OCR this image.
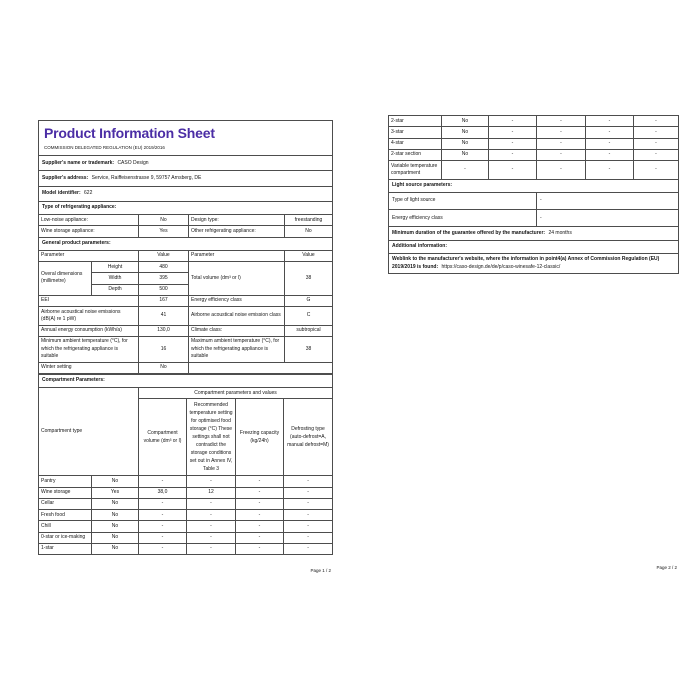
Product Information Sheet
COMMISSION DELEGATED REGULATION (EU) 2019/2016				

Supplier's name or trademark: CASO Design				
Supplier's address: Service, Raiffeisenstrasse 9, 59757 Arnsberg, DE				
Model identifier: 622				
Type of refrigerating appliance:				
Low-noise appliance:		No	Design type:	freestanding
Wine storage appliance:		Yes	Other refrigerating appliance:	No
General product parameters:				
Parameter		Value	Parameter	Value
Overal dimensions (millimetre)	Height	480	Total volume (dm³ or l)	38
	Width	395		
	Depth	500		
EEI		167	Energy efficiency class	G
Airborne acoustical noise emissions (dB(A) re 1 pW)		41	Airborne acoustical noise emission class	C
Annual energy consumption (kWh/a)		130,0	Climate class:	subtropical
Minimum ambient temperature (°C), for which the refrigerating appliance is suitable		16	Maximum ambient temperature (°C), for which the refrigerating appliance is suitable	38
Winter setting		No		
Compartment Parameters:					
Compartment type		Compartment parameters and values			
		Compartment volume (dm³ or l)	Recommended temperature setting for optimised food storage (°C) These settings shall not contradict the storage conditions set out in Annex IV, Table 3	Freezing capacity (kg/24h)	Defrosting type (auto-defrost=A, manual defrost=M)
Pantry	No	-	-	-	-
Wine storage	Yes	38,0	12	-	-
Cellar	No	-	-	-	-
Fresh food	No	-	-	-	-
Chill	No	-	-	-	-
0-star or ice-making	No	-	-	-	-
1-star	No	-	-	-	-
Page 1 / 2
2-star	No	-	-	-	-
3-star	No	-	-	-	-
4-star	No	-	-	-	-
2-star section	No	-	-	-	-
Variable temperature compartment	-	-	-	-	-
Light source parameters:					
Type of light source			-		
Energy efficiency class			-		
Minimum duration of the guarantee offered by the manufacturer: 24 months					
Additional information:					
Weblink to the manufacturer's website, where the information in point4(a) Annex of Commission Regulation (EU) 2019/2019 is found: https://caso-design.de/de/p/caso-winesafe-12-classic/					
Page 2 / 2
